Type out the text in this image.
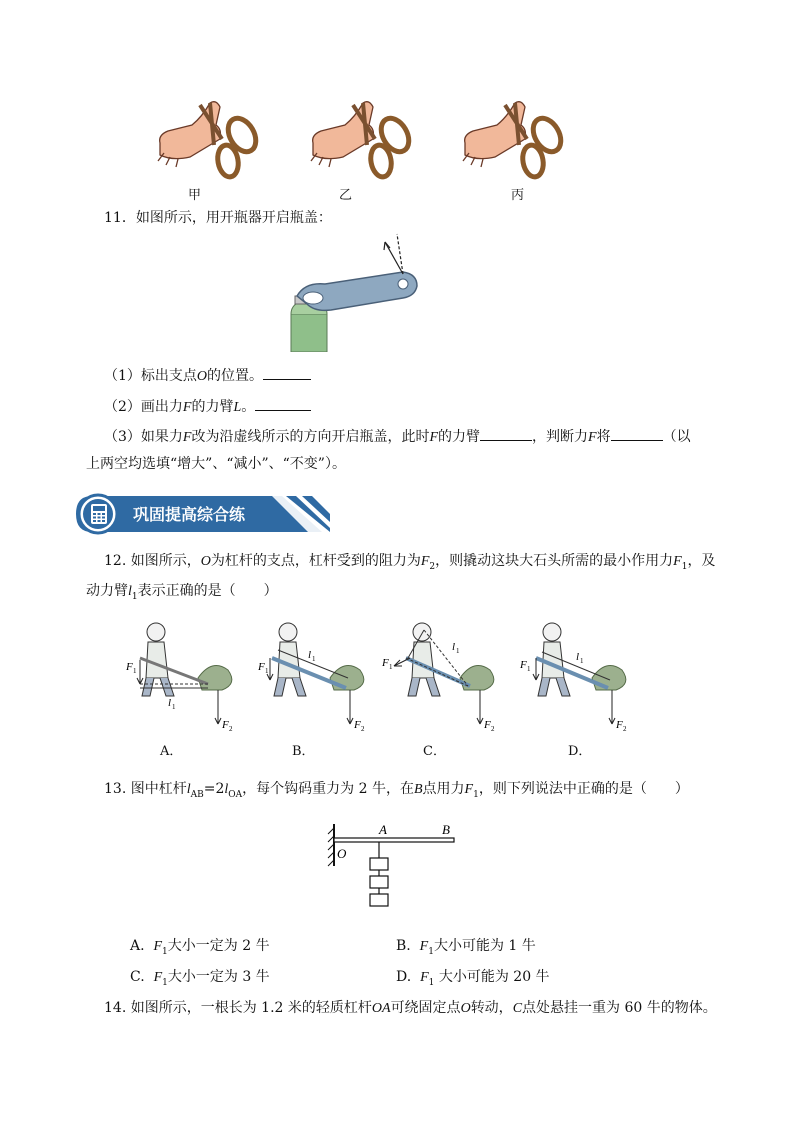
甲	乙	丙
11．如图所示，用开瓶器开启瓶盖：
（1）标出支点O的位置。
（2）画出力F的力臂L。
（3）如果力F改为沿虚线所示的方向开启瓶盖，此时F的力臂	，判断力F将	（以
上两空均选填“增大”、“减小”、“不变”）。
巩固提高综合练
12. 如图所示，O为杠杆的支点，杠杆受到的阻力为$F_2$，则撬动这块大石头所需的最小作用力$F_1$，及
动力臂$l_1$表示正确的是（　　）
F 1
l 1
F 2
F 1
l 1
F 2
F 1
l 1
F 2
F 1
l 1
F 2
A．	B．	C．	D．
13. 图中杠杆$l_{AB}=2l_{OA}$，每个钩码重力为 2 牛，在B点用力$F_1$，则下列说法中正确的是（　　）
O
A	B
A. $F_1$大小一定为 2 牛	B. $F_1$大小可能为 1 牛
C. $F_1$大小一定为 3 牛	D. $F_1$ 大小可能为 20 牛
14. 如图所示，一根长为 1.2 米的轻质杠杆OA可绕固定点O转动，C点处悬挂一重为 60 牛的物体。
